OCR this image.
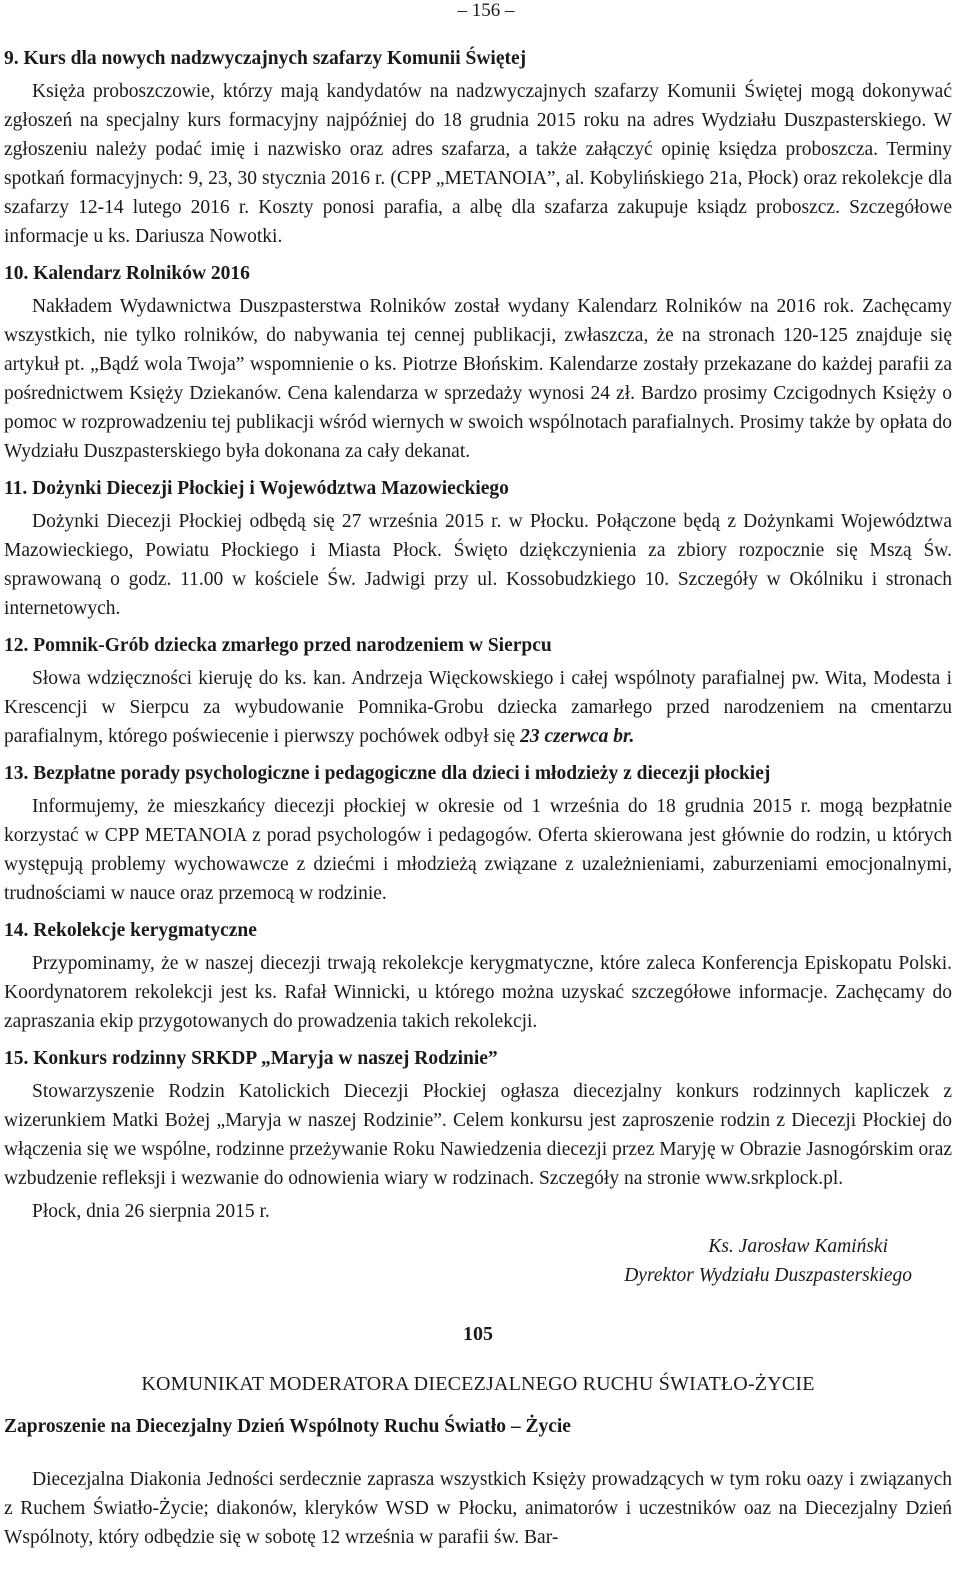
– 156 –

9. Kurs dla nowych nadzwyczajnych szafarzy Komunii Świętej

Księża proboszczowie, którzy mają kandydatów na nadzwyczajnych szafarzy Komunii Świętej mogą dokonywać zgłoszeń na specjalny kurs formacyjny najpóźniej do 18 grudnia 2015 roku na adres Wydziału Duszpasterskiego. W zgłoszeniu należy podać imię i nazwisko oraz adres szafarza, a także załączyć opinię księdza proboszcza. Terminy spotkań formacyjnych: 9, 23, 30 stycznia 2016 r. (CPP „METANOIA”, al. Kobylińskiego 21a, Płock) oraz rekolekcje dla szafarzy 12-14 lutego 2016 r. Koszty ponosi parafia, a albę dla szafarza zakupuje ksiądz proboszcz. Szczegółowe informacje u ks. Dariusza Nowotki.

10. Kalendarz Rolników 2016

Nakładem Wydawnictwa Duszpasterstwa Rolników został wydany Kalendarz Rolników na 2016 rok. Zachęcamy wszystkich, nie tylko rolników, do nabywania tej cennej publikacji, zwłaszcza, że na stronach 120-125 znajduje się artykuł pt. „Bądź wola Twoja” wspomnienie o ks. Piotrze Błońskim. Kalendarze zostały przekazane do każdej parafii za pośrednictwem Księży Dziekanów. Cena kalendarza w sprzedaży wynosi 24 zł. Bardzo prosimy Czcigodnych Księży o pomoc w rozprowadzeniu tej publikacji wśród wiernych w swoich wspólnotach parafialnych. Prosimy także by opłata do Wydziału Duszpasterskiego była dokonana za cały dekanat.

11. Dożynki Diecezji Płockiej i Województwa Mazowieckiego

Dożynki Diecezji Płockiej odbędą się 27 września 2015 r. w Płocku. Połączone będą z Dożynkami Województwa Mazowieckiego, Powiatu Płockiego i Miasta Płock. Święto dziękczynienia za zbiory rozpocznie się Mszą Św. sprawowaną o godz. 11.00 w kościele Św. Jadwigi przy ul. Kossobudzkiego 10. Szczegóły w Okólniku i stronach internetowych.

12. Pomnik-Grób dziecka zmarłego przed narodzeniem w Sierpcu

Słowa wdzięczności kieruję do ks. kan. Andrzeja Więckowskiego i całej wspólnoty parafialnej pw. Wita, Modesta i Krescencji w Sierpcu za wybudowanie Pomnika-Grobu dziecka zamarłego przed narodzeniem na cmentarzu parafialnym, którego poświecenie i pierwszy pochówek odbył się 23 czerwca br.

13. Bezpłatne porady psychologiczne i pedagogiczne dla dzieci i młodzieży z diecezji płockiej

Informujemy, że mieszkańcy diecezji płockiej w okresie od 1 września do 18 grudnia 2015 r. mogą bezpłatnie korzystać w CPP METANOIA z porad psychologów i pedagogów. Oferta skierowana jest głównie do rodzin, u których występują problemy wychowawcze z dziećmi i młodzieżą związane z uzależnieniami, zaburzeniami emocjonalnymi, trudnościami w nauce oraz przemocą w rodzinie.

14. Rekolekcje kerygmatyczne

Przypominamy, że w naszej diecezji trwają rekolekcje kerygmatyczne, które zaleca Konferencja Episkopatu Polski. Koordynatorem rekolekcji jest ks. Rafał Winnicki, u którego można uzyskać szczegółowe informacje. Zachęcamy do zapraszania ekip przygotowanych do prowadzenia takich rekolekcji.

15. Konkurs rodzinny SRKDP „Maryja w naszej Rodzinie”

Stowarzyszenie Rodzin Katolickich Diecezji Płockiej ogłasza diecezjalny konkurs rodzinnych kapliczek z wizerunkiem Matki Bożej „Maryja w naszej Rodzinie”. Celem konkursu jest zaproszenie rodzin z Diecezji Płockiej do włączenia się we wspólne, rodzinne przeżywanie Roku Nawiedzenia diecezji przez Maryję w Obrazie Jasnogórskim oraz wzbudzenie refleksji i wezwanie do odnowienia wiary w rodzinach. Szczegóły na stronie www.srkplock.pl.

Płock, dnia 26 sierpnia 2015 r.

Ks. Jarosław Kamiński
Dyrektor Wydziału Duszpasterskiego
105
KOMUNIKAT MODERATORA DIECEZJALNEGO RUCHU ŚWIATŁO-ŻYCIE

Zaproszenie na Diecezjalny Dzień Wspólnoty Ruchu Światło – Życie

Diecezjalna Diakonia Jedności serdecznie zaprasza wszystkich Księży prowadzących w tym roku oazy i związanych z Ruchem Światło-Życie; diakonów, kleryków WSD w Płocku, animatorów i uczestników oaz na Diecezjalny Dzień Wspólnoty, który odbędzie się w sobotę 12 września w parafii św. Bar-
